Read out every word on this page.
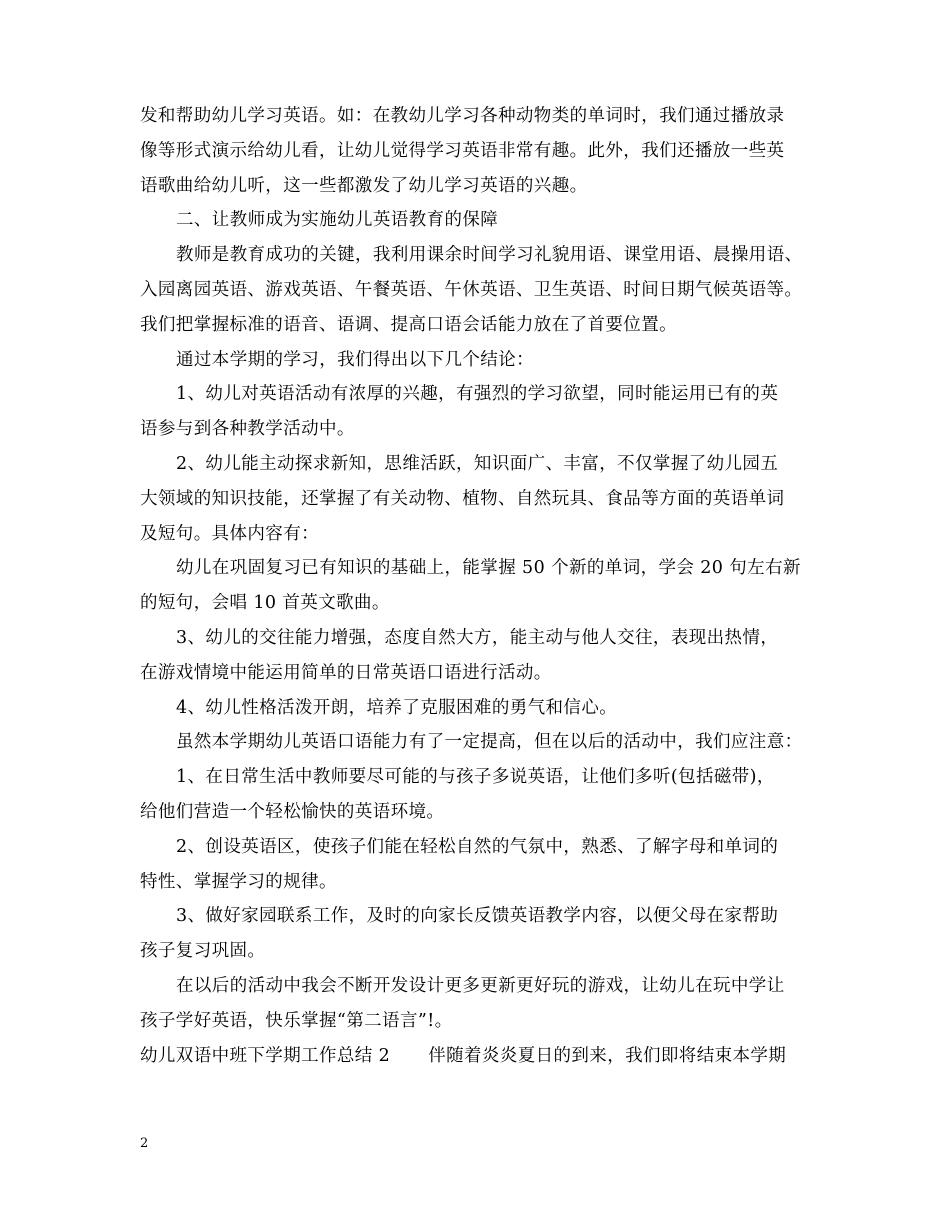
发和帮助幼儿学习英语。如：在教幼儿学习各种动物类的单词时，我们通过播放录
像等形式演示给幼儿看，让幼儿觉得学习英语非常有趣。此外，我们还播放一些英
语歌曲给幼儿听，这一些都激发了幼儿学习英语的兴趣。
二、让教师成为实施幼儿英语教育的保障
教师是教育成功的关键，我利用课余时间学习礼貌用语、课堂用语、晨操用语、
入园离园英语、游戏英语、午餐英语、午休英语、卫生英语、时间日期气候英语等。
我们把掌握标准的语音、语调、提高口语会话能力放在了首要位置。
通过本学期的学习，我们得出以下几个结论：
1、幼儿对英语活动有浓厚的兴趣，有强烈的学习欲望，同时能运用已有的英
语参与到各种教学活动中。
2、幼儿能主动探求新知，思维活跃，知识面广、丰富，不仅掌握了幼儿园五
大领域的知识技能，还掌握了有关动物、植物、自然玩具、食品等方面的英语单词
及短句。具体内容有：
幼儿在巩固复习已有知识的基础上，能掌握 50 个新的单词，学会 20 句左右新
的短句，会唱 10 首英文歌曲。
3、幼儿的交往能力增强，态度自然大方，能主动与他人交往，表现出热情，
在游戏情境中能运用简单的日常英语口语进行活动。
4、幼儿性格活泼开朗，培养了克服困难的勇气和信心。
虽然本学期幼儿英语口语能力有了一定提高，但在以后的活动中，我们应注意：
1、在日常生活中教师要尽可能的与孩子多说英语，让他们多听(包括磁带)，
给他们营造一个轻松愉快的英语环境。
2、创设英语区，使孩子们能在轻松自然的气氛中，熟悉、了解字母和单词的
特性、掌握学习的规律。
3、做好家园联系工作，及时的向家长反馈英语教学内容，以便父母在家帮助
孩子复习巩固。
在以后的活动中我会不断开发设计更多更新更好玩的游戏，让幼儿在玩中学让
孩子学好英语，快乐掌握“第二语言”!。
幼儿双语中班下学期工作总结 2 伴随着炎炎夏日的到来，我们即将结束本学期
2
